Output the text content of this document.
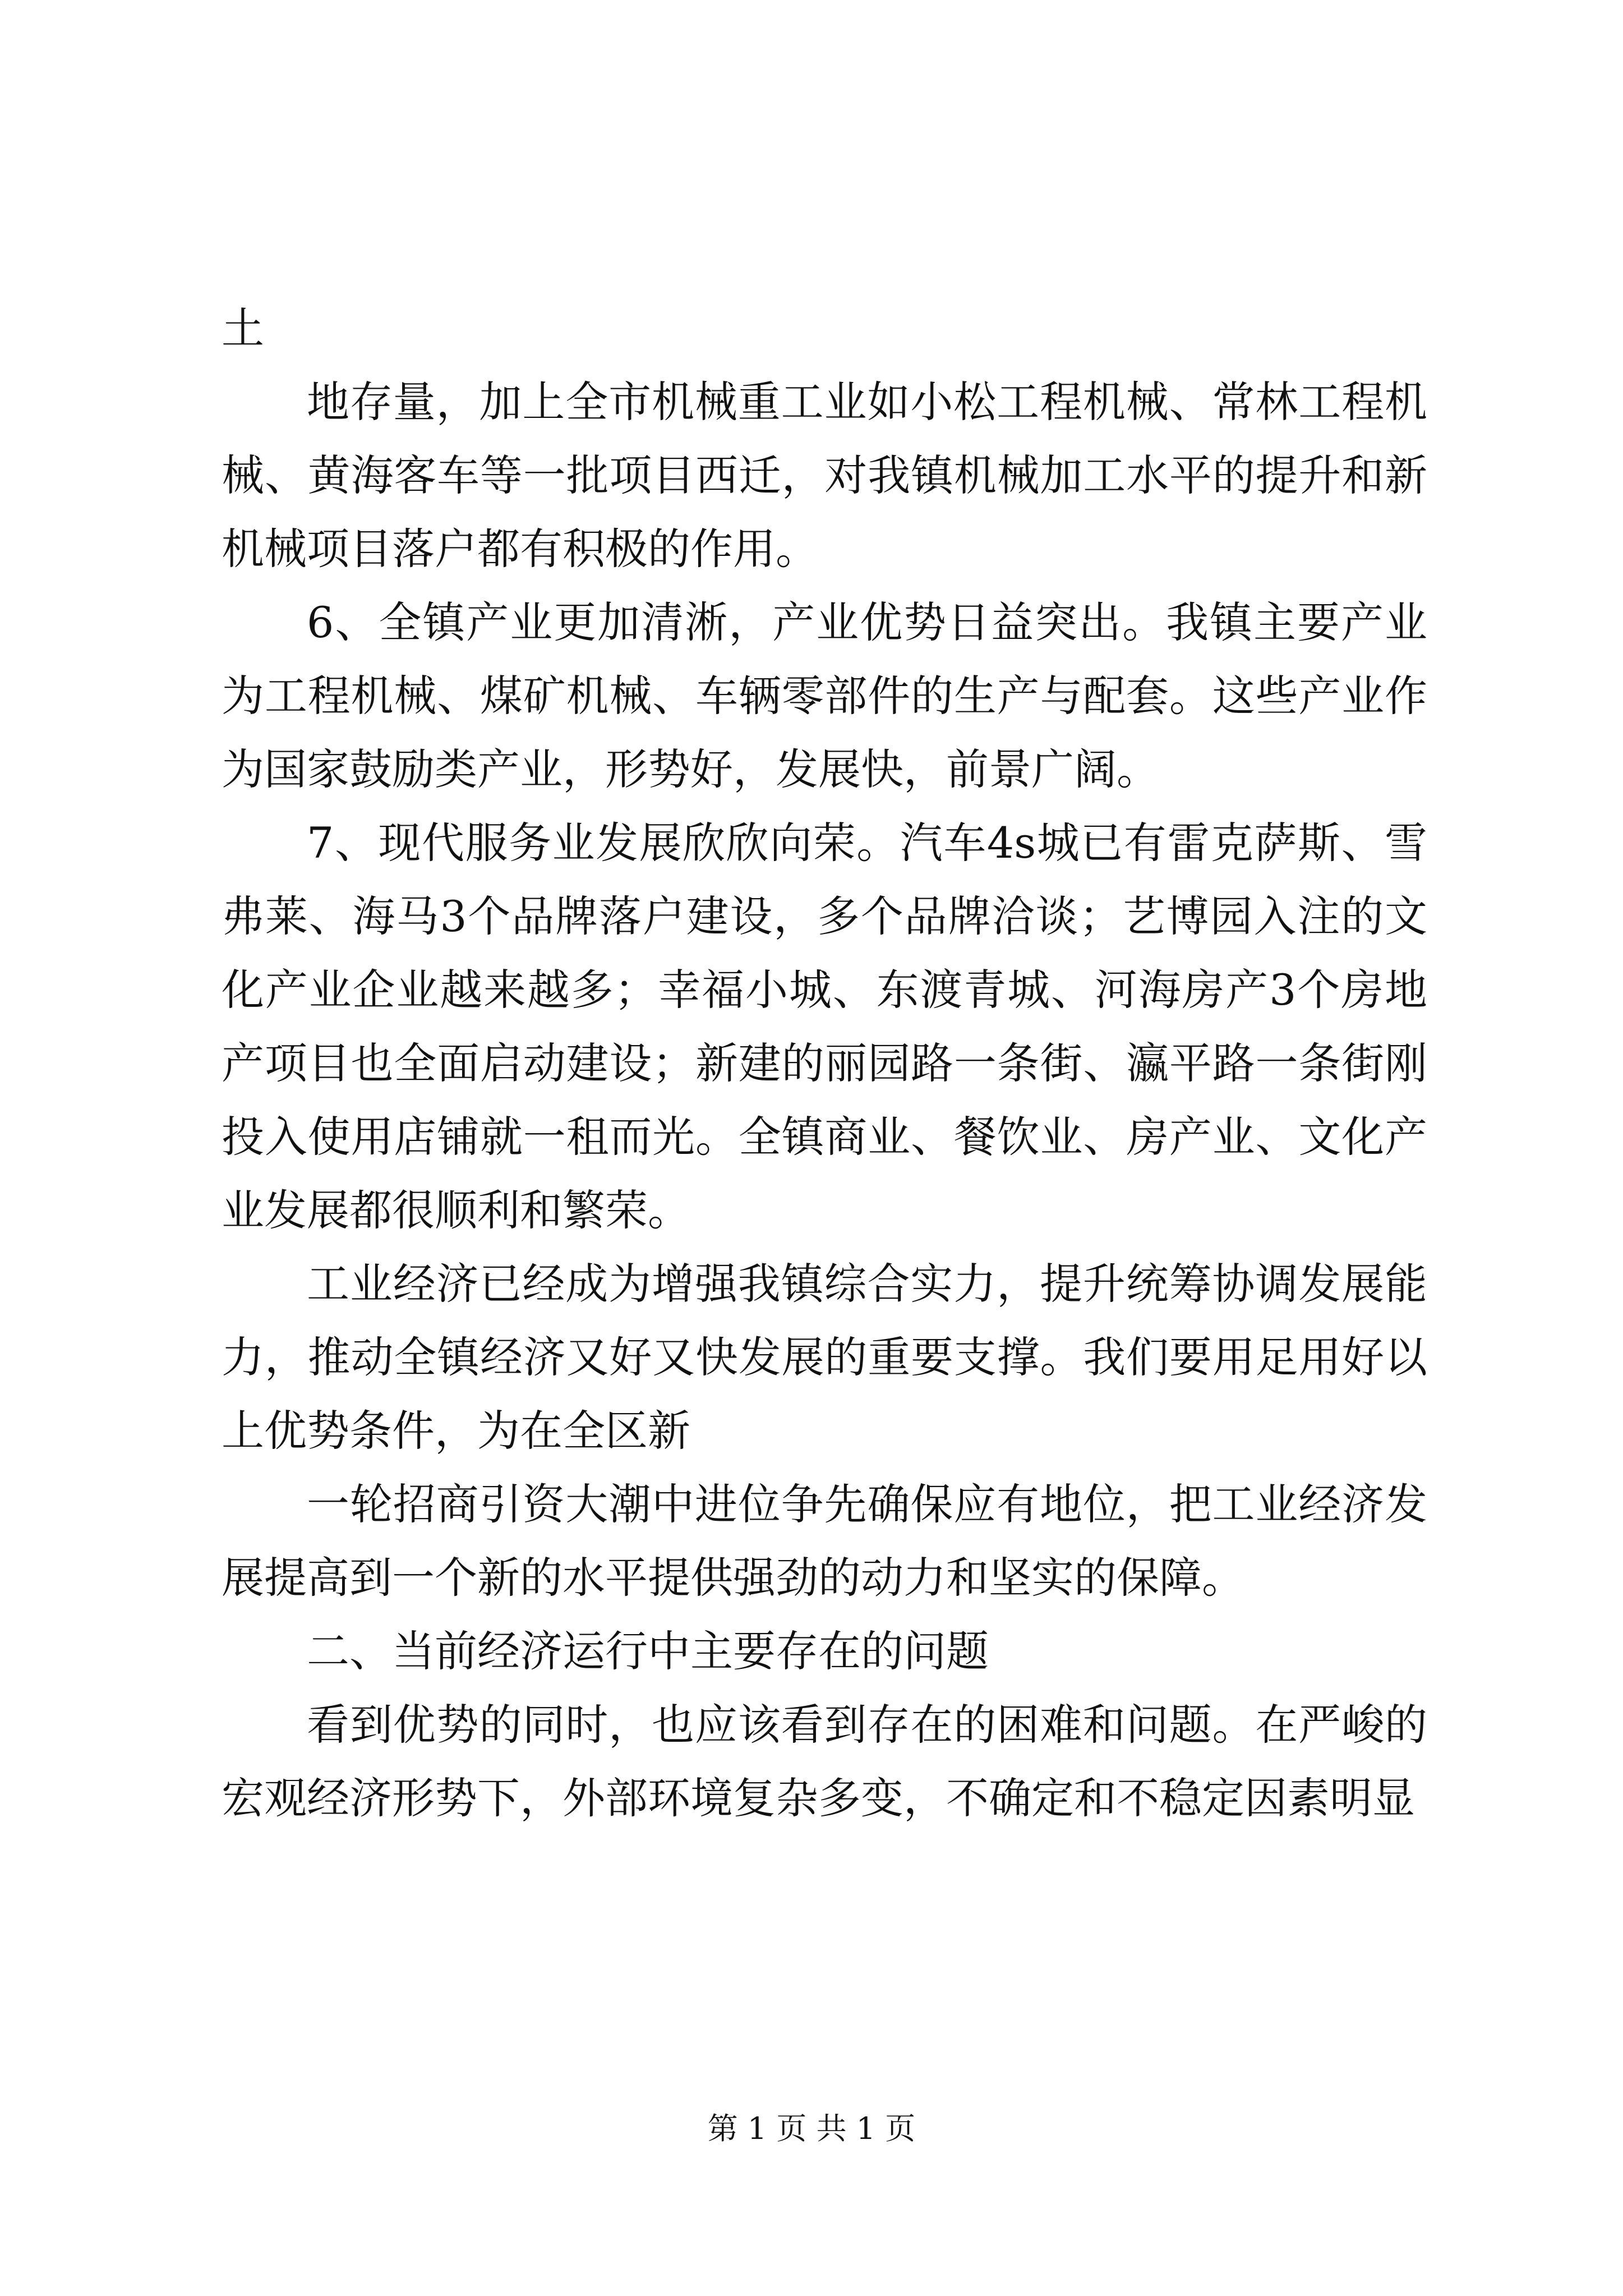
土

地存量，加上全市机械重工业如小松工程机械、常林工程机械、黄海客车等一批项目西迁，对我镇机械加工水平的提升和新机械项目落户都有积极的作用。

6、全镇产业更加清淅，产业优势日益突出。我镇主要产业为工程机械、煤矿机械、车辆零部件的生产与配套。这些产业作为国家鼓励类产业，形势好，发展快，前景广阔。

7、现代服务业发展欣欣向荣。汽车4s城已有雷克萨斯、雪弗莱、海马3个品牌落户建设，多个品牌洽谈；艺博园入注的文化产业企业越来越多；幸福小城、东渡青城、河海房产3个房地产项目也全面启动建设；新建的丽园路一条街、瀛平路一条街刚投入使用店铺就一租而光。全镇商业、餐饮业、房产业、文化产业发展都很顺利和繁荣。

工业经济已经成为增强我镇综合实力，提升统筹协调发展能力，推动全镇经济又好又快发展的重要支撑。我们要用足用好以上优势条件，为在全区新

一轮招商引资大潮中进位争先确保应有地位，把工业经济发展提高到一个新的水平提供强劲的动力和坚实的保障。

二、当前经济运行中主要存在的问题

看到优势的同时，也应该看到存在的困难和问题。在严峻的宏观经济形势下，外部环境复杂多变，不确定和不稳定因素明显

第 1 页 共 1 页
